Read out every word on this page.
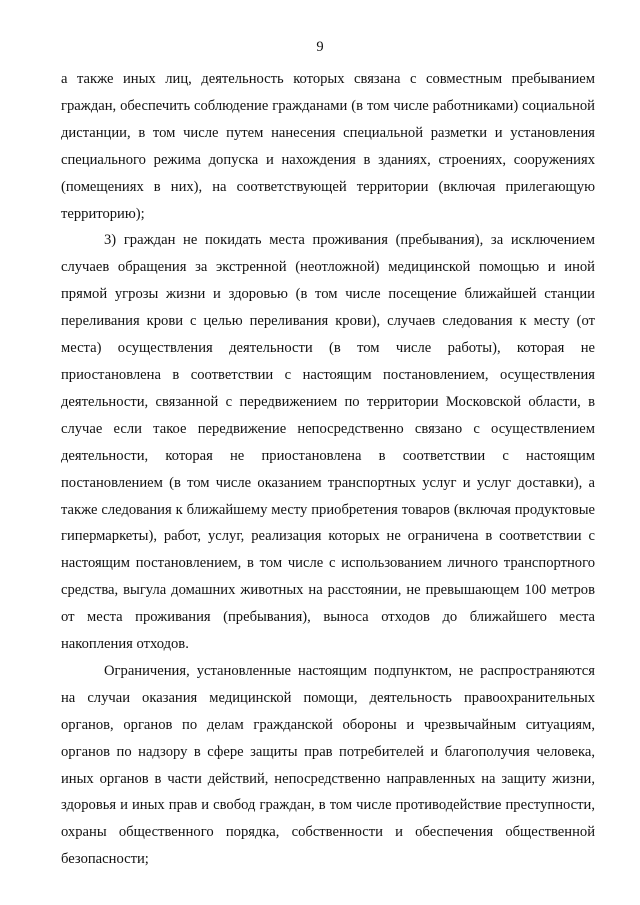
9

а также иных лиц, деятельность которых связана с совместным пребыванием граждан, обеспечить соблюдение гражданами (в том числе работниками) социальной дистанции, в том числе путем нанесения специальной разметки и установления специального режима допуска и нахождения в зданиях, строениях, сооружениях (помещениях в них), на соответствующей территории (включая прилегающую территорию);

3) граждан не покидать места проживания (пребывания), за исключением случаев обращения за экстренной (неотложной) медицинской помощью и иной прямой угрозы жизни и здоровью (в том числе посещение ближайшей станции переливания крови с целью переливания крови), случаев следования к месту (от места) осуществления деятельности (в том числе работы), которая не приостановлена в соответствии с настоящим постановлением, осуществления деятельности, связанной с передвижением по территории Московской области, в случае если такое передвижение непосредственно связано с осуществлением деятельности, которая не приостановлена в соответствии с настоящим постановлением (в том числе оказанием транспортных услуг и услуг доставки), а также следования к ближайшему месту приобретения товаров (включая продуктовые гипермаркеты), работ, услуг, реализация которых не ограничена в соответствии с настоящим постановлением, в том числе с использованием личного транспортного средства, выгула домашних животных на расстоянии, не превышающем 100 метров от места проживания (пребывания), выноса отходов до ближайшего места накопления отходов.

Ограничения, установленные настоящим подпунктом, не распространяются на случаи оказания медицинской помощи, деятельность правоохранительных органов, органов по делам гражданской обороны и чрезвычайным ситуациям, органов по надзору в сфере защиты прав потребителей и благополучия человека, иных органов в части действий, непосредственно направленных на защиту жизни, здоровья и иных прав и свобод граждан, в том числе противодействие преступности, охраны общественного порядка, собственности и обеспечения общественной безопасности;
